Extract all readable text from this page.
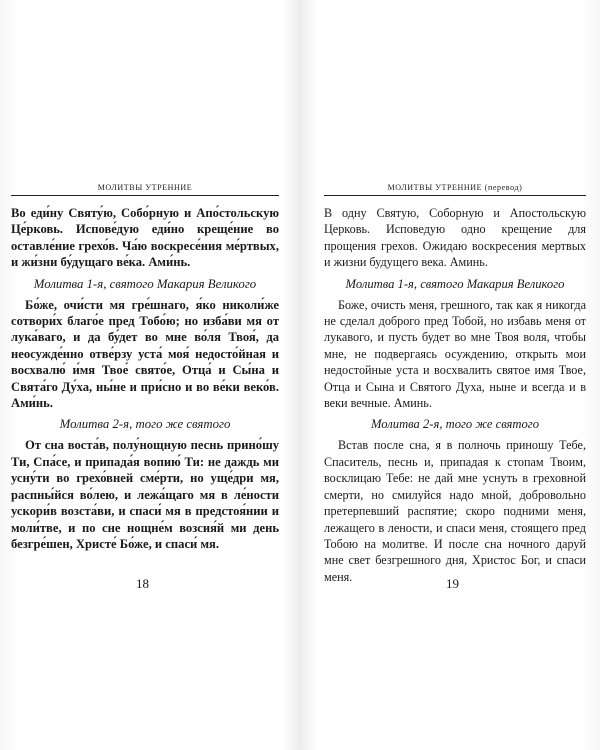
МОЛИТВЫ УТРЕННИЕ

Во еди́ну Святу́ю, Собо́рную и Апо́стольскую Це́рковь. Испове́дую еди́но креще́ние во оставле́ние грехо́в. Ча́ю воскресе́ния ме́ртвых, и жи́зни бу́дущаго ве́ка. Ами́нь.

Молитва 1-я, святого Макария Великого

Бо́же, очи́сти мя гре́шнаго, я́ко николи́же сотвори́х благо́е пред Тобо́ю; но изба́ви мя от лука́ваго, и да бу́дет во мне во́ля Твоя́, да неосужде́нно отве́рзу уста́ моя́ недосто́йная и восхвалю́ и́мя Твое́ свято́е, Отца́ и Сы́на и Свята́го Ду́ха, ны́не и при́сно и во ве́ки веко́в. Ами́нь.

Молитва 2-я, того же святого

От сна воста́в, полу́нощную песнь прино́шу Ти, Спа́се, и припада́я вопию́ Ти: не даждь ми усну́ти во грехо́вней сме́рти, но уще́дри мя, распны́йся во́лею, и лежа́щаго мя в ле́ности ускори́в возста́ви, и спаси́ мя в предстоя́нии и моли́тве, и по сне нощне́м возсия́й ми день безгре́шен, Христе́ Бо́же, и спаси́ мя.

МОЛИТВЫ УТРЕННИЕ (перевод)

В одну Святую, Соборную и Апостольскую Церковь. Исповедую одно крещение для прощения грехов. Ожидаю воскресения мертвых и жизни будущего века. Аминь.

Молитва 1-я, святого Макария Великого

Боже, очисть меня, грешного, так как я никогда не сделал доброго пред Тобой, но избавь меня от лукавого, и пусть будет во мне Твоя воля, чтобы мне, не подвергаясь осуждению, открыть мои недостойные уста и восхвалить святое имя Твое, Отца и Сына и Святого Духа, ныне и всегда и в веки вечные. Аминь.

Молитва 2-я, того же святого

Встав после сна, я в полночь приношу Тебе, Спаситель, песнь и, припадая к стопам Твоим, восклицаю Тебе: не дай мне уснуть в греховной смерти, но смилуйся надо мной, добровольно претерпевший распятие; скоро подними меня, лежащего в лености, и спаси меня, стоящего пред Тобою на молитве. И после сна ночного даруй мне свет безгрешного дня, Христос Бог, и спаси меня.

18	19
